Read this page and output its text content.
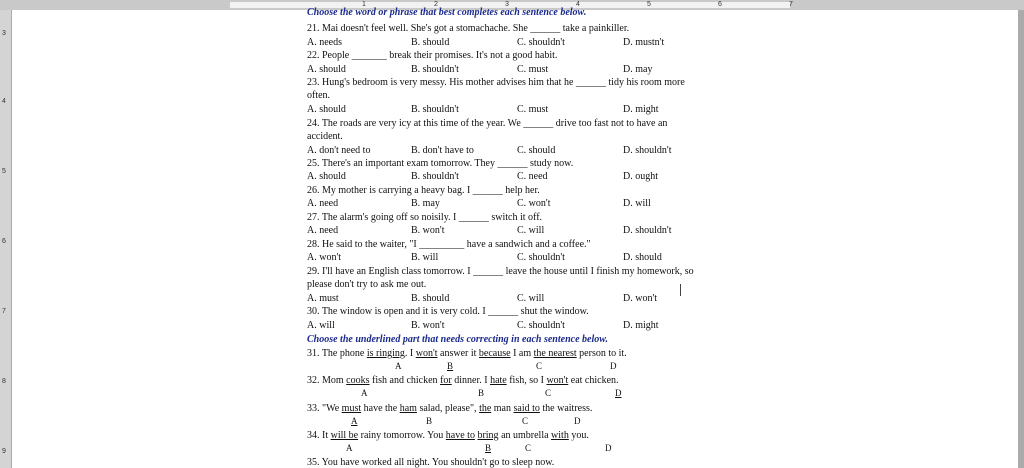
1	2	3	4	5	6	7
3
4
5
6
7
8
9
Choose the word or phrase that best completes each sentence below.
21. Mai doesn't feel well. She's got a stomachache. She ______ take a painkiller.
A. needs	B. should	C. shouldn't	D. mustn't
22. People _______ break their promises. It's not a good habit.
A. should	B. shouldn't	C. must	D. may
23. Hung's bedroom is very messy. His mother advises him that he ______ tidy his room more
often.
A. should	B. shouldn't	C. must	D. might
24. The roads are very icy at this time of the year. We ______ drive too fast not to have an
accident.
A. don't need to	B. don't have to	C. should	D. shouldn't
25. There's an important exam tomorrow. They ______ study now.
A. should	B. shouldn't	C. need	D. ought
26. My mother is carrying a heavy bag. I ______ help her.
A. need	B. may	C. won't	D. will
27. The alarm's going off so noisily. I ______ switch it off.
A. need	B. won't	C. will	D. shouldn't
28. He said to the waiter, "I _________ have a sandwich and a coffee."
A. won't	B. will	C. shouldn't	D. should
29. I'll have an English class tomorrow. I ______ leave the house until I finish my homework, so
please don't try to ask me out.
A. must	B. should	C. will	D. won't
30. The window is open and it is very cold. I ______ shut the window.
A. will	B. won't	C. shouldn't	D. might
Choose the underlined part that needs correcting in each sentence below.
31. The phone is ringing. I won't answer it because I am the nearest person to it.
A	B	C	D
32. Mom cooks fish and chicken for dinner. I hate fish, so I won't eat chicken.
A	B	C	D
33. "We must have the ham salad, please", the man said to the waitress.
A	B	C	D
34. It will be rainy tomorrow. You have to bring an umbrella with you.
A	B	C	D
35. You have worked all night. You shouldn't go to sleep now.
